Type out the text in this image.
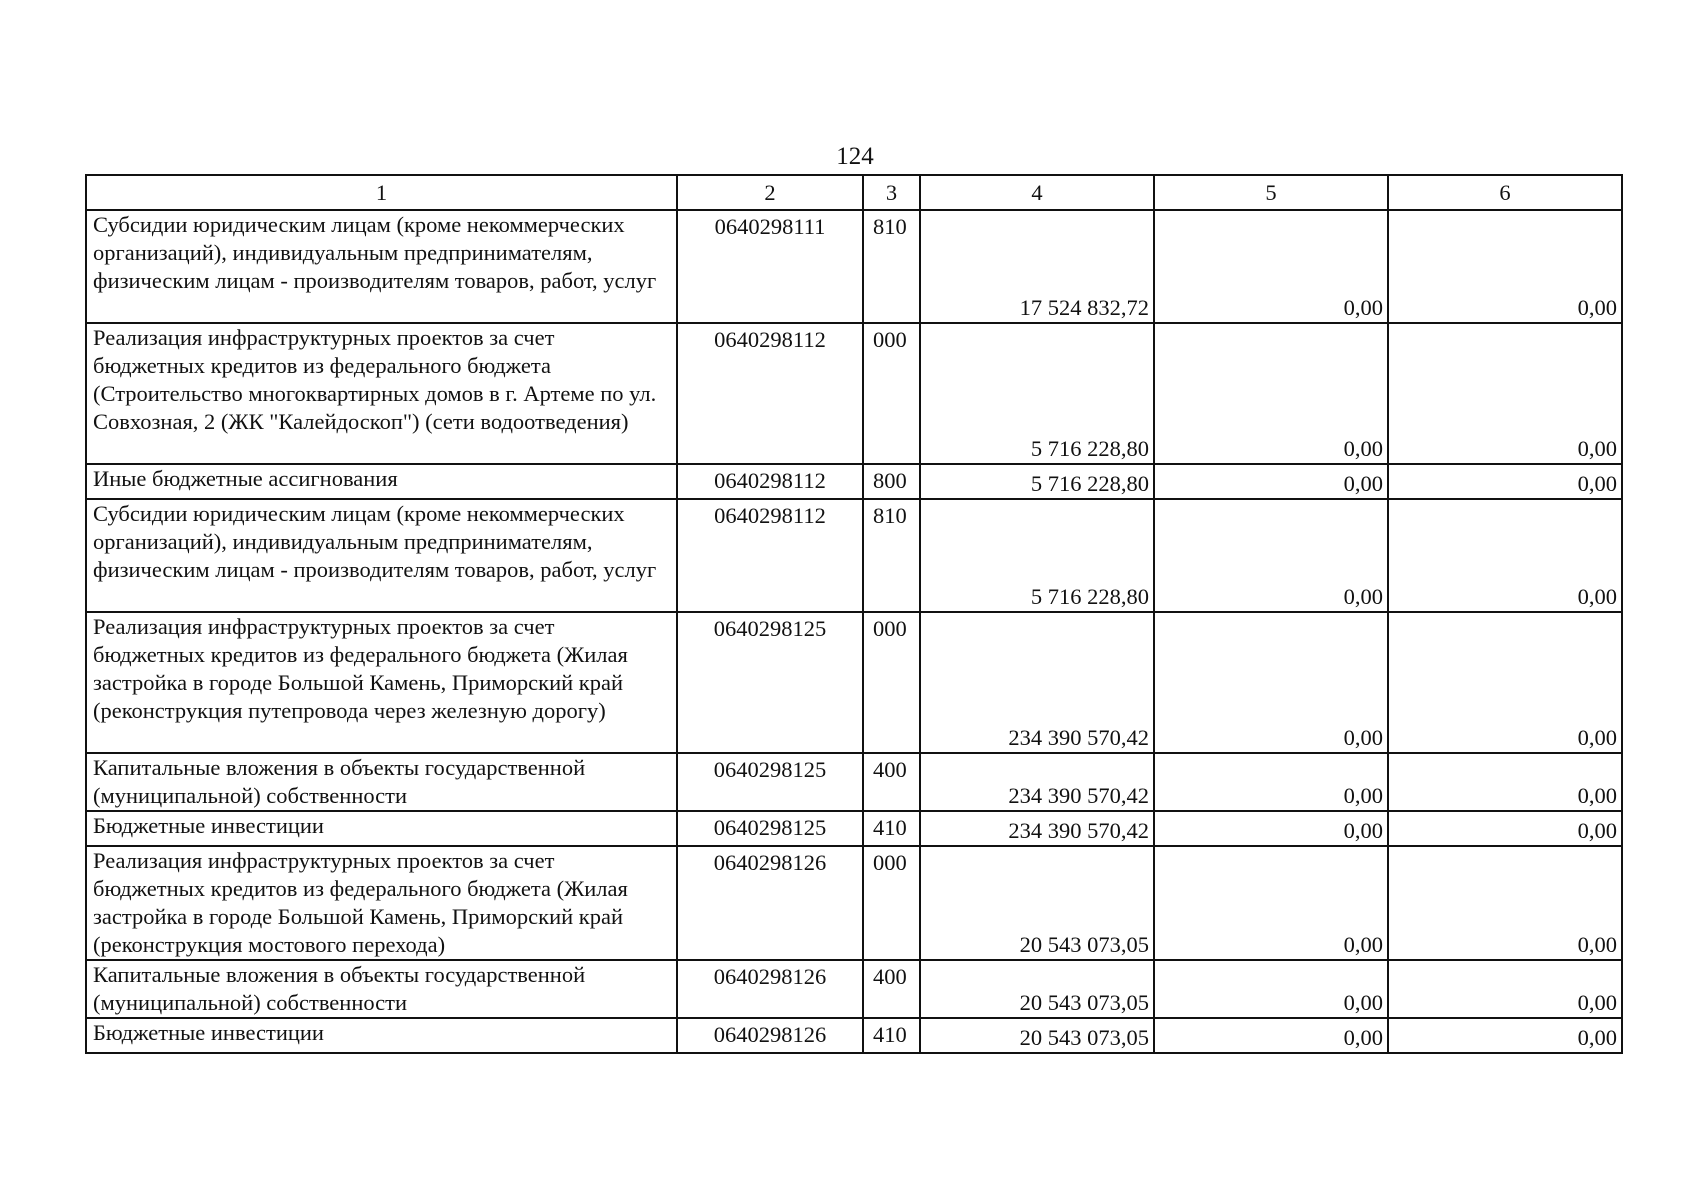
124
1	2	3	4	5	6
Субсидии юридическим лицам (кроме некоммерческих организаций), индивидуальным предпринимателям, физическим лицам - производителям товаров, работ, услуг	0640298111	810	17 524 832,72	0,00	0,00
Реализация инфраструктурных проектов за счет бюджетных кредитов из федерального бюджета (Строительство многоквартирных домов в г. Артеме по ул. Совхозная, 2 (ЖК "Калейдоскоп") (сети водоотведения)	0640298112	000	5 716 228,80	0,00	0,00
Иные бюджетные ассигнования	0640298112	800	5 716 228,80	0,00	0,00
Субсидии юридическим лицам (кроме некоммерческих организаций), индивидуальным предпринимателям, физическим лицам - производителям товаров, работ, услуг	0640298112	810	5 716 228,80	0,00	0,00
Реализация инфраструктурных проектов за счет бюджетных кредитов из федерального бюджета (Жилая застройка в городе Большой Камень, Приморский край (реконструкция путепровода через железную дорогу)	0640298125	000	234 390 570,42	0,00	0,00
Капитальные вложения в объекты государственной (муниципальной) собственности	0640298125	400	234 390 570,42	0,00	0,00
Бюджетные инвестиции	0640298125	410	234 390 570,42	0,00	0,00
Реализация инфраструктурных проектов за счет бюджетных кредитов из федерального бюджета (Жилая застройка в городе Большой Камень, Приморский край (реконструкция мостового перехода)	0640298126	000	20 543 073,05	0,00	0,00
Капитальные вложения в объекты государственной (муниципальной) собственности	0640298126	400	20 543 073,05	0,00	0,00
Бюджетные инвестиции	0640298126	410	20 543 073,05	0,00	0,00
